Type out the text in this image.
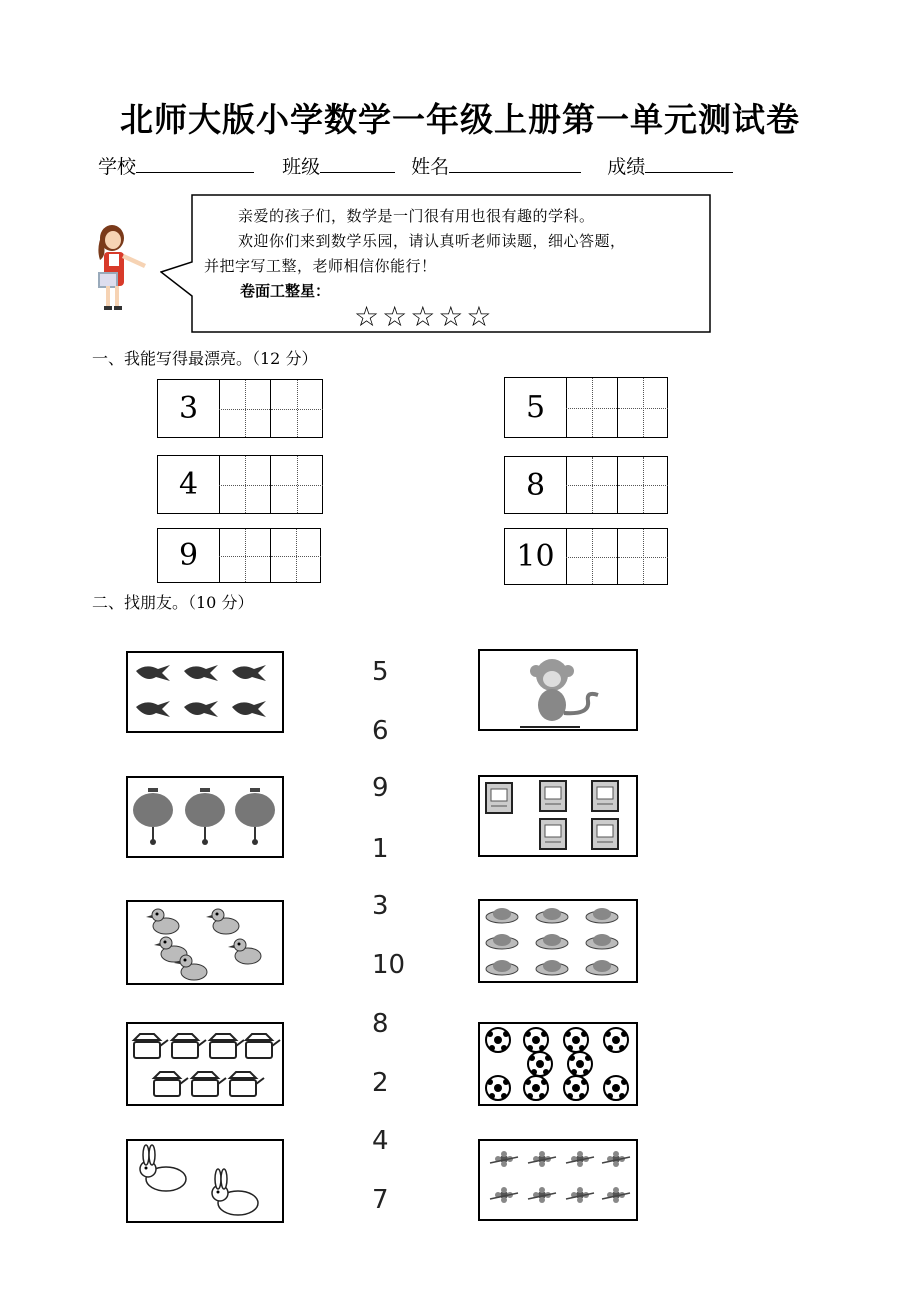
北师大版小学数学一年级上册第一单元测试卷
学校	班级	姓名	成绩
亲爱的孩子们，数学是一门很有用也很有趣的学科。
欢迎你们来到数学乐园，请认真听老师读题，细心答题，
并把字写工整，老师相信你能行！
卷面工整星：
☆☆☆☆☆
一、我能写得最漂亮。（12 分）
3	5
4	8
9	10
二、找朋友。（10 分）
5
6
9
1
3
10
8
2
4
7
